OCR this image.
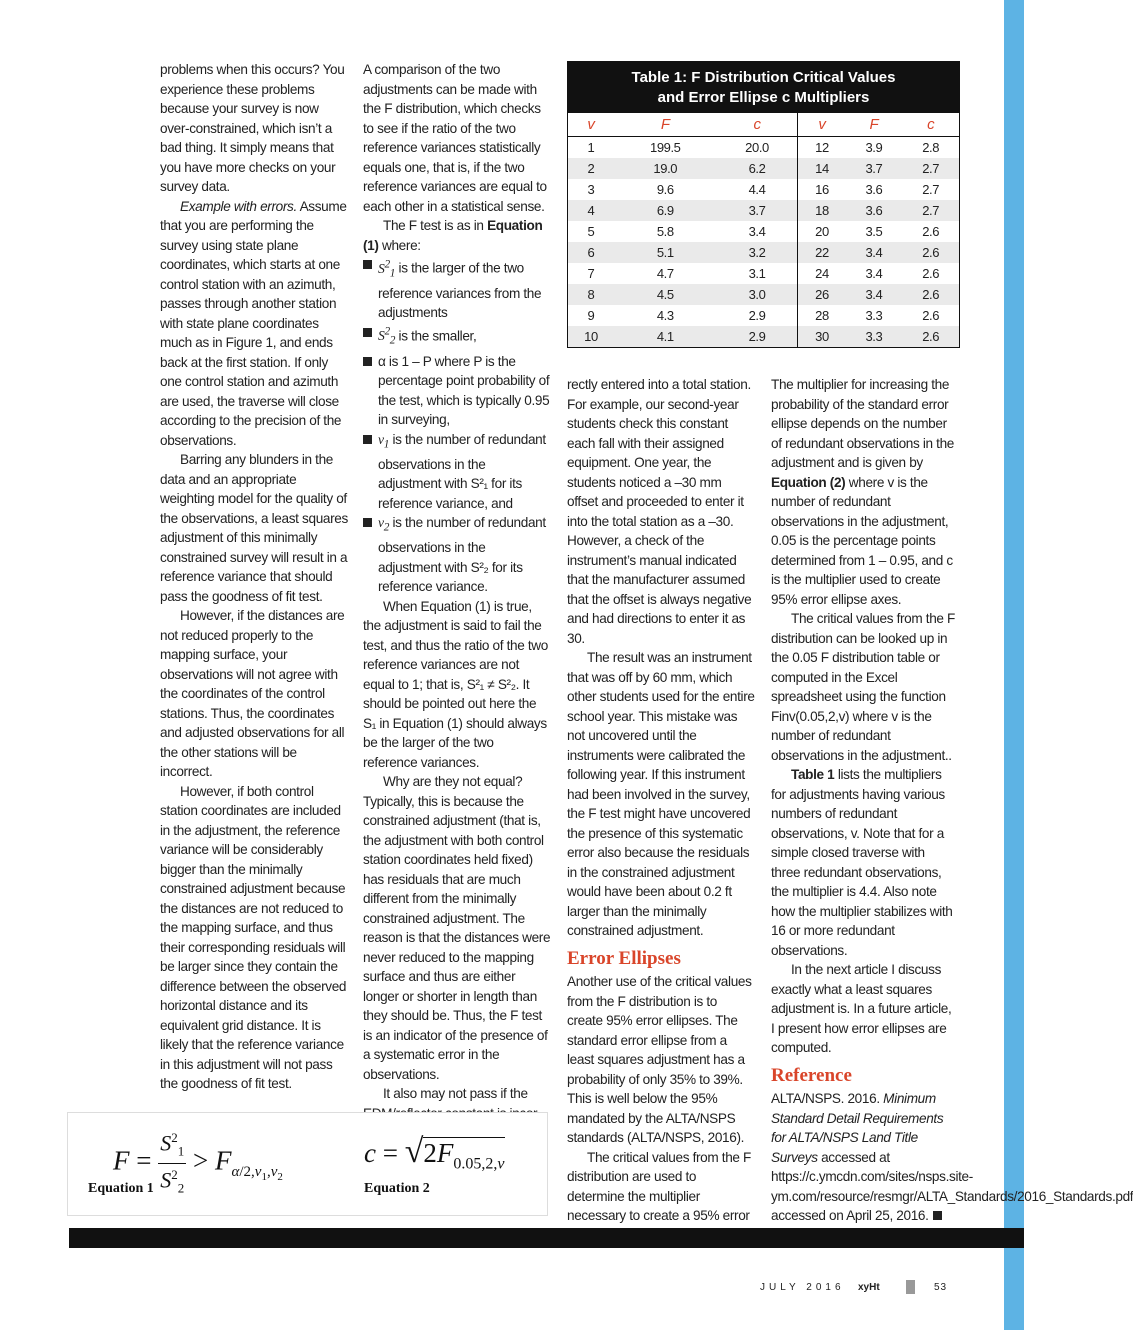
problems when this occurs? You experience these problems because your survey is now over-constrained, which isn’t a bad thing. It simply means that you have more checks on your survey data.

Example with errors. Assume that you are performing the survey using state plane coordinates, which starts at one control station with an azimuth, passes through another station with state plane coordinates much as in Figure 1, and ends back at the first station. If only one control station and azimuth are used, the traverse will close according to the precision of the observations.

Barring any blunders in the data and an appropriate weighting model for the quality of the observations, a least squares adjustment of this minimally constrained survey will result in a reference variance that should pass the goodness of fit test.

However, if the distances are not reduced properly to the mapping surface, your observations will not agree with the coordinates of the control stations. Thus, the coordinates and adjusted observations for all the other stations will be incorrect.

However, if both control station coordinates are included in the adjustment, the reference variance will be considerably bigger than the minimally constrained adjustment because the distances are not reduced to the mapping surface, and thus their corresponding residuals will be larger since they contain the difference between the observed horizontal distance and its equivalent grid distance. It is likely that the reference variance in this adjustment will not pass the goodness of fit test.

A comparison of the two adjustments can be made with the F distribution, which checks to see if the ratio of the two reference variances statistically equals one, that is, if the two reference variances are equal to each other in a statistical sense.

The F test is as in Equation (1) where:

$S^2_1$ is the larger of the two reference variances from the adjustments

$S^2_2$ is the smaller,

α is 1 – P where P is the percentage point probability of the test, which is typically 0.95 in surveying,

$v_1$ is the number of redundant observations in the adjustment with S²₁ for its reference variance, and

$v_2$ is the number of redundant observations in the adjustment with S²₂ for its reference variance.

When Equation (1) is true, the adjustment is said to fail the test, and thus the ratio of the two reference variances are not equal to 1; that is, S²₁ ≠ S²₂. It should be pointed out here the S₁ in Equation (1) should always be the larger of the two reference variances.

Why are they not equal? Typically, this is because the constrained adjustment (that is, the adjustment with both control station coordinates held fixed) has residuals that are much different from the minimally constrained adjustment. The reason is that the distances were never reduced to the mapping surface and thus are either longer or shorter in length than they should be. Thus, the F test is an indicator of the presence of a systematic error in the observations.

It also may not pass if the

Table 1: F Distribution Critical Values
and Error Ellipse c Multipliers
v	F	c	v	F	c
1	199.5	20.0	12	3.9	2.8
2	19.0	6.2	14	3.7	2.7
3	9.6	4.4	16	3.6	2.7
4	6.9	3.7	18	3.6	2.7
5	5.8	3.4	20	3.5	2.6
6	5.1	3.2	22	3.4	2.6
7	4.7	3.1	24	3.4	2.6
8	4.5	3.0	26	3.4	2.6
9	4.3	2.9	28	3.3	2.6
10	4.1	2.9	30	3.3	2.6

rectly entered into a total station. For example, our second-year students check this constant each fall with their assigned equipment. One year, the students noticed a –30 mm offset and proceeded to enter it into the total station as a –30. However, a check of the instrument’s manual indicated that the manufacturer assumed that the offset is always negative and had directions to enter it as 30.

The result was an instrument that was off by 60 mm, which other students used for the entire school year. This mistake was not uncovered until the instruments were calibrated the following year. If this instrument had been involved in the survey, the F test might have uncovered the presence of this systematic error also because the residuals in the constrained adjustment would have been about 0.2 ft larger than the minimally constrained adjustment.

Error Ellipses

Another use of the critical values from the F distribution is to create 95% error ellipses. The standard error ellipse from a least squares adjustment has a probability of only 35% to 39%. This is well below the 95% mandated by the ALTA/NSPS standards (ALTA/NSPS, 2016).

The critical values from the F distribution are used to determine the multiplier necessary to create a 95% error

The multiplier for increasing the probability of the standard error ellipse depends on the number of redundant observations in the adjustment and is given by Equation (2) where v is the number of redundant observations in the adjustment, 0.05 is the percentage points determined from 1 – 0.95, and c is the multiplier used to create 95% error ellipse axes.

The critical values from the F distribution can be looked up in the 0.05 F distribution table or computed in the Excel spreadsheet using the function Finv(0.05,2,v) where v is the number of redundant observations in the adjustment..

Table 1 lists the multipliers for adjustments having various numbers of redundant observations, v. Note that for a simple closed traverse with three redundant observations, the multiplier is 4.4. Also note how the multiplier stabilizes with 16 or more redundant observations.

In the next article I discuss exactly what a least squares adjustment is. In a future article, I present how error ellipses are computed.

Reference

ALTA/NSPS. 2016. Minimum Standard Detail Requirements for ALTA/NSPS Land Title Surveys accessed at https://c.ymcdn.com/sites/nsps.site-ym.com/resource/resmgr/ALTA_Standards/2016_Standards.pdf accessed on April 25, 2016.

$F = \frac{S^2_1}{S^2_2} > F_{\alpha/2,v_1,v_2}$
Equation 1
$c = √2F_{0.05,2,v}$
Equation 2
JULY 2016 xyHt	53
